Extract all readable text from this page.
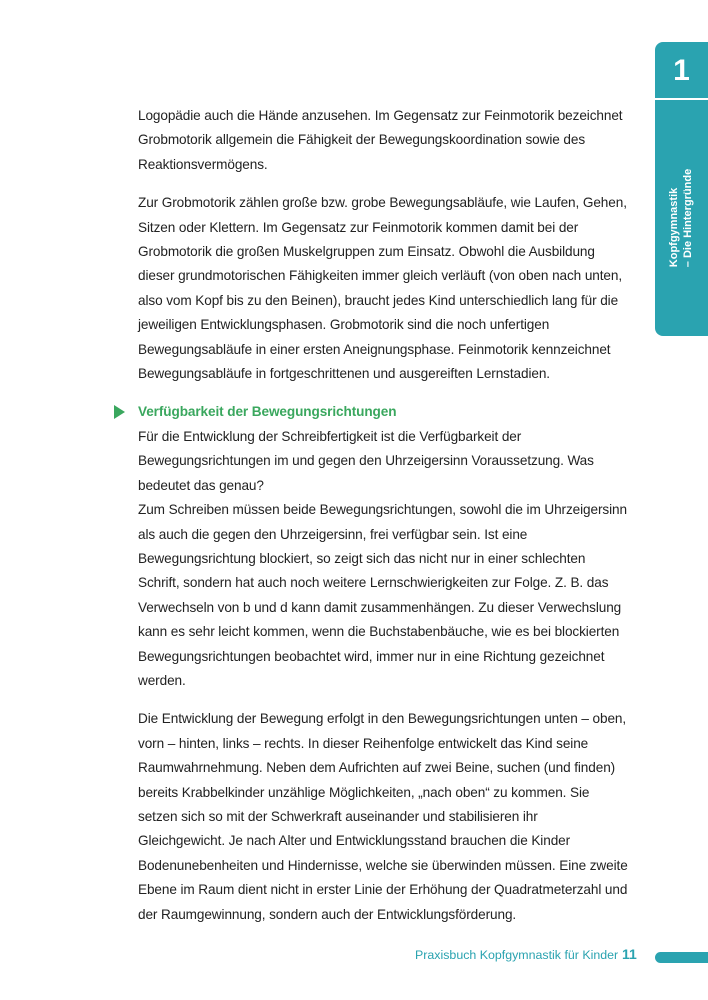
1
Kopfgymnastik – Die Hintergründe

Logopädie auch die Hände anzusehen. Im Gegensatz zur Feinmotorik bezeichnet Grobmotorik allgemein die Fähigkeit der Bewegungskoordination sowie des Reaktionsvermögens.

Zur Grobmotorik zählen große bzw. grobe Bewegungsabläufe, wie Laufen, Gehen, Sitzen oder Klettern. Im Gegensatz zur Feinmotorik kommen damit bei der Grobmotorik die großen Muskelgruppen zum Einsatz. Obwohl die Ausbildung dieser grundmotorischen Fähigkeiten immer gleich verläuft (von oben nach unten, also vom Kopf bis zu den Beinen), braucht jedes Kind unterschiedlich lang für die jeweiligen Entwicklungsphasen. Grobmotorik sind die noch unfertigen Bewegungsabläufe in einer ersten Aneignungsphase. Feinmotorik kennzeichnet Bewegungsabläufe in fortgeschrittenen und ausgereiften Lernstadien.

Verfügbarkeit der Bewegungsrichtungen

Für die Entwicklung der Schreibfertigkeit ist die Verfügbarkeit der Bewegungsrichtungen im und gegen den Uhrzeigersinn Voraussetzung. Was bedeutet das genau?

Zum Schreiben müssen beide Bewegungsrichtungen, sowohl die im Uhrzeigersinn als auch die gegen den Uhrzeigersinn, frei verfügbar sein. Ist eine Bewegungsrichtung blockiert, so zeigt sich das nicht nur in einer schlechten Schrift, sondern hat auch noch weitere Lernschwierigkeiten zur Folge. Z. B. das Verwechseln von b und d kann damit zusammenhängen. Zu dieser Verwechslung kann es sehr leicht kommen, wenn die Buchstabenbäuche, wie es bei blockierten Bewegungsrichtungen beobachtet wird, immer nur in eine Richtung gezeichnet werden.

Die Entwicklung der Bewegung erfolgt in den Bewegungsrichtungen unten – oben, vorn – hinten, links – rechts. In dieser Reihenfolge entwickelt das Kind seine Raumwahrnehmung. Neben dem Aufrichten auf zwei Beine, suchen (und finden) bereits Krabbelkinder unzählige Möglichkeiten, „nach oben“ zu kommen. Sie setzen sich so mit der Schwerkraft auseinander und stabilisieren ihr Gleichgewicht. Je nach Alter und Entwicklungsstand brauchen die Kinder Bodenunebenheiten und Hindernisse, welche sie überwinden müssen. Eine zweite Ebene im Raum dient nicht in erster Linie der Erhöhung der Quadratmeterzahl und der Raumgewinnung, sondern auch der Entwicklungsförderung.

Praxisbuch Kopfgymnastik für Kinder 11
